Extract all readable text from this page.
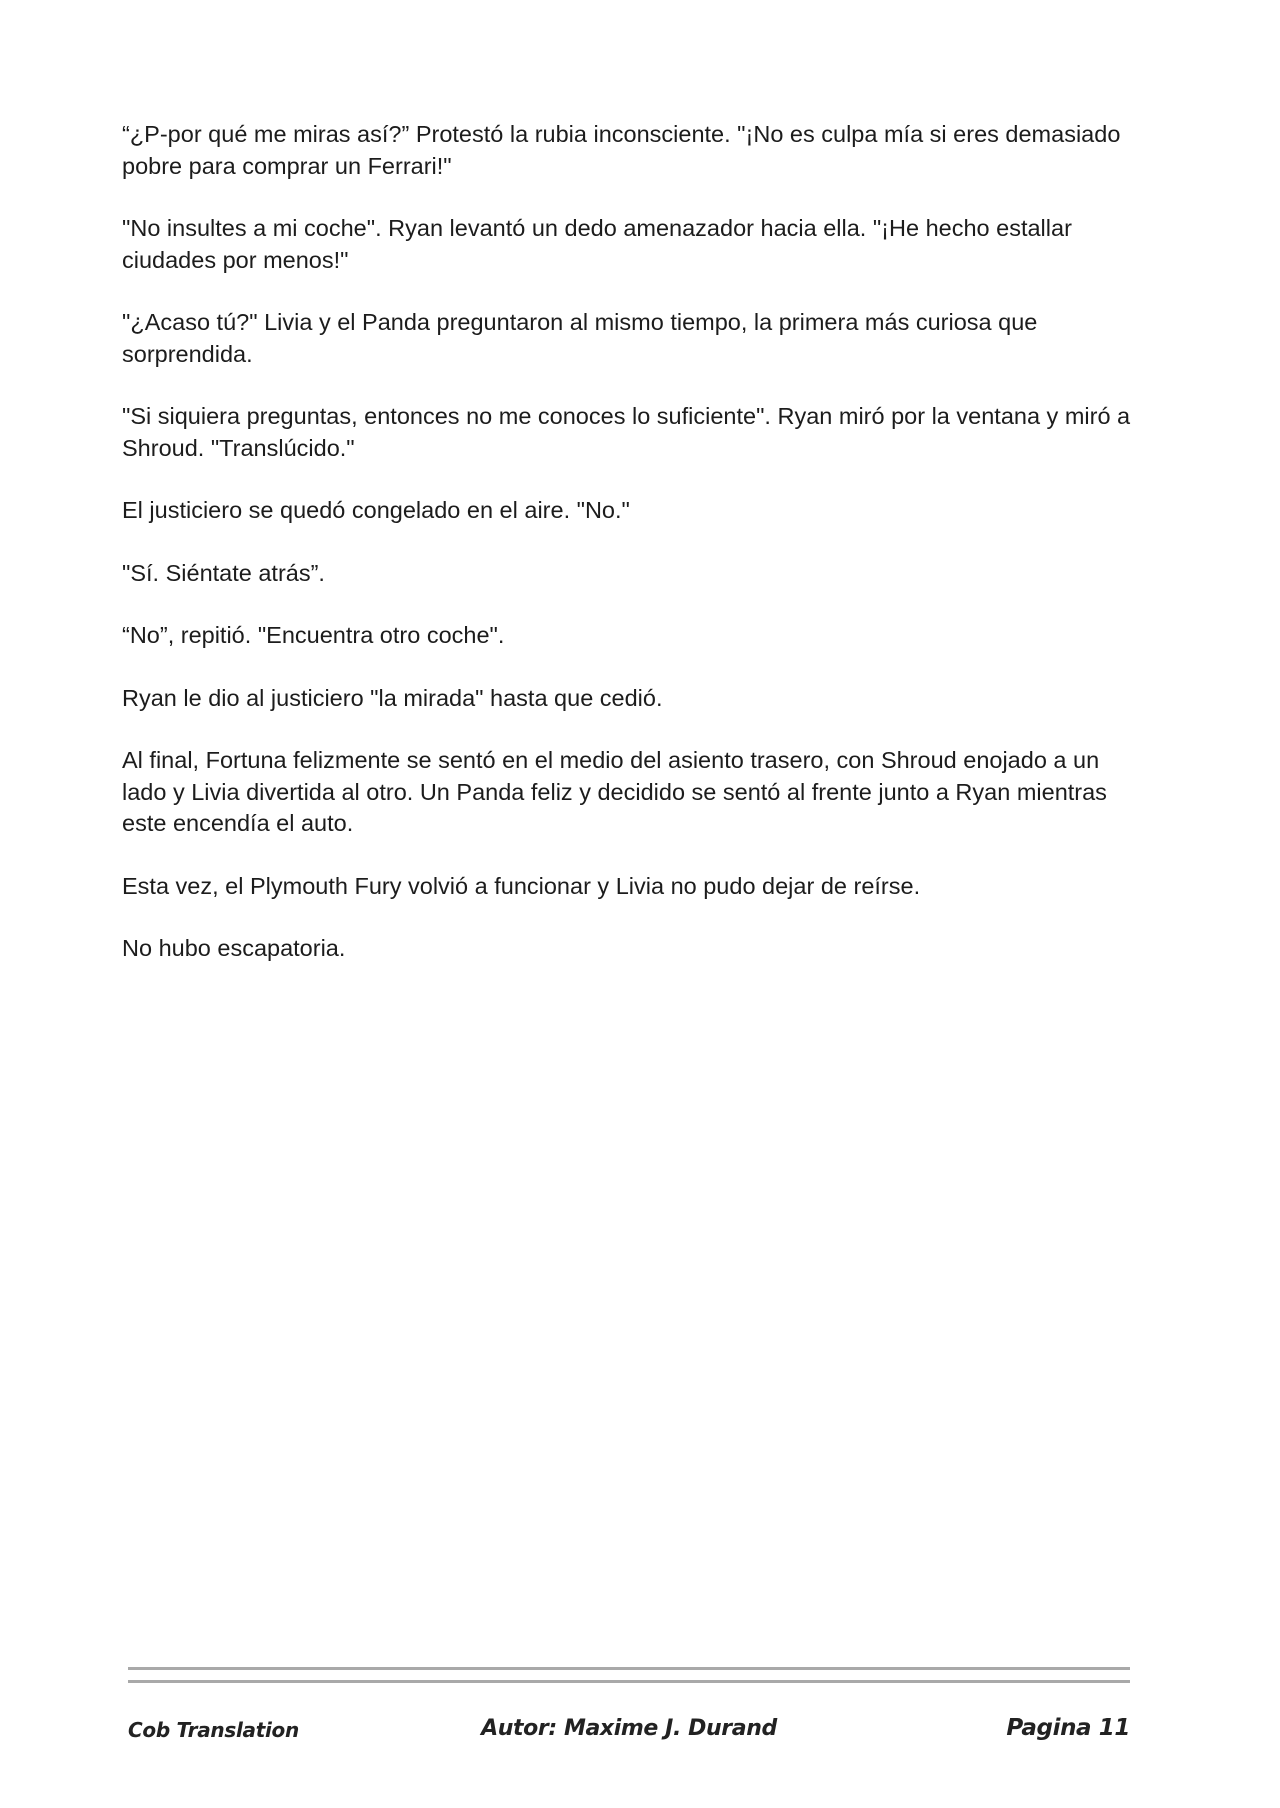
“¿P-por qué me miras así?” Protestó la rubia inconsciente. "¡No es culpa mía si eres demasiado pobre para comprar un Ferrari!"

"No insultes a mi coche". Ryan levantó un dedo amenazador hacia ella. "¡He hecho estallar ciudades por menos!"

"¿Acaso tú?" Livia y el Panda preguntaron al mismo tiempo, la primera más curiosa que sorprendida.

"Si siquiera preguntas, entonces no me conoces lo suficiente". Ryan miró por la ventana y miró a Shroud. "Translúcido."

El justiciero se quedó congelado en el aire. "No."

"Sí. Siéntate atrás”.

“No”, repitió. "Encuentra otro coche".

Ryan le dio al justiciero "la mirada" hasta que cedió.

Al final, Fortuna felizmente se sentó en el medio del asiento trasero, con Shroud enojado a un lado y Livia divertida al otro. Un Panda feliz y decidido se sentó al frente junto a Ryan mientras este encendía el auto.

Esta vez, el Plymouth Fury volvió a funcionar y Livia no pudo dejar de reírse.

No hubo escapatoria.

Cob Translation	Autor: Maxime J. Durand	Pagina 11
